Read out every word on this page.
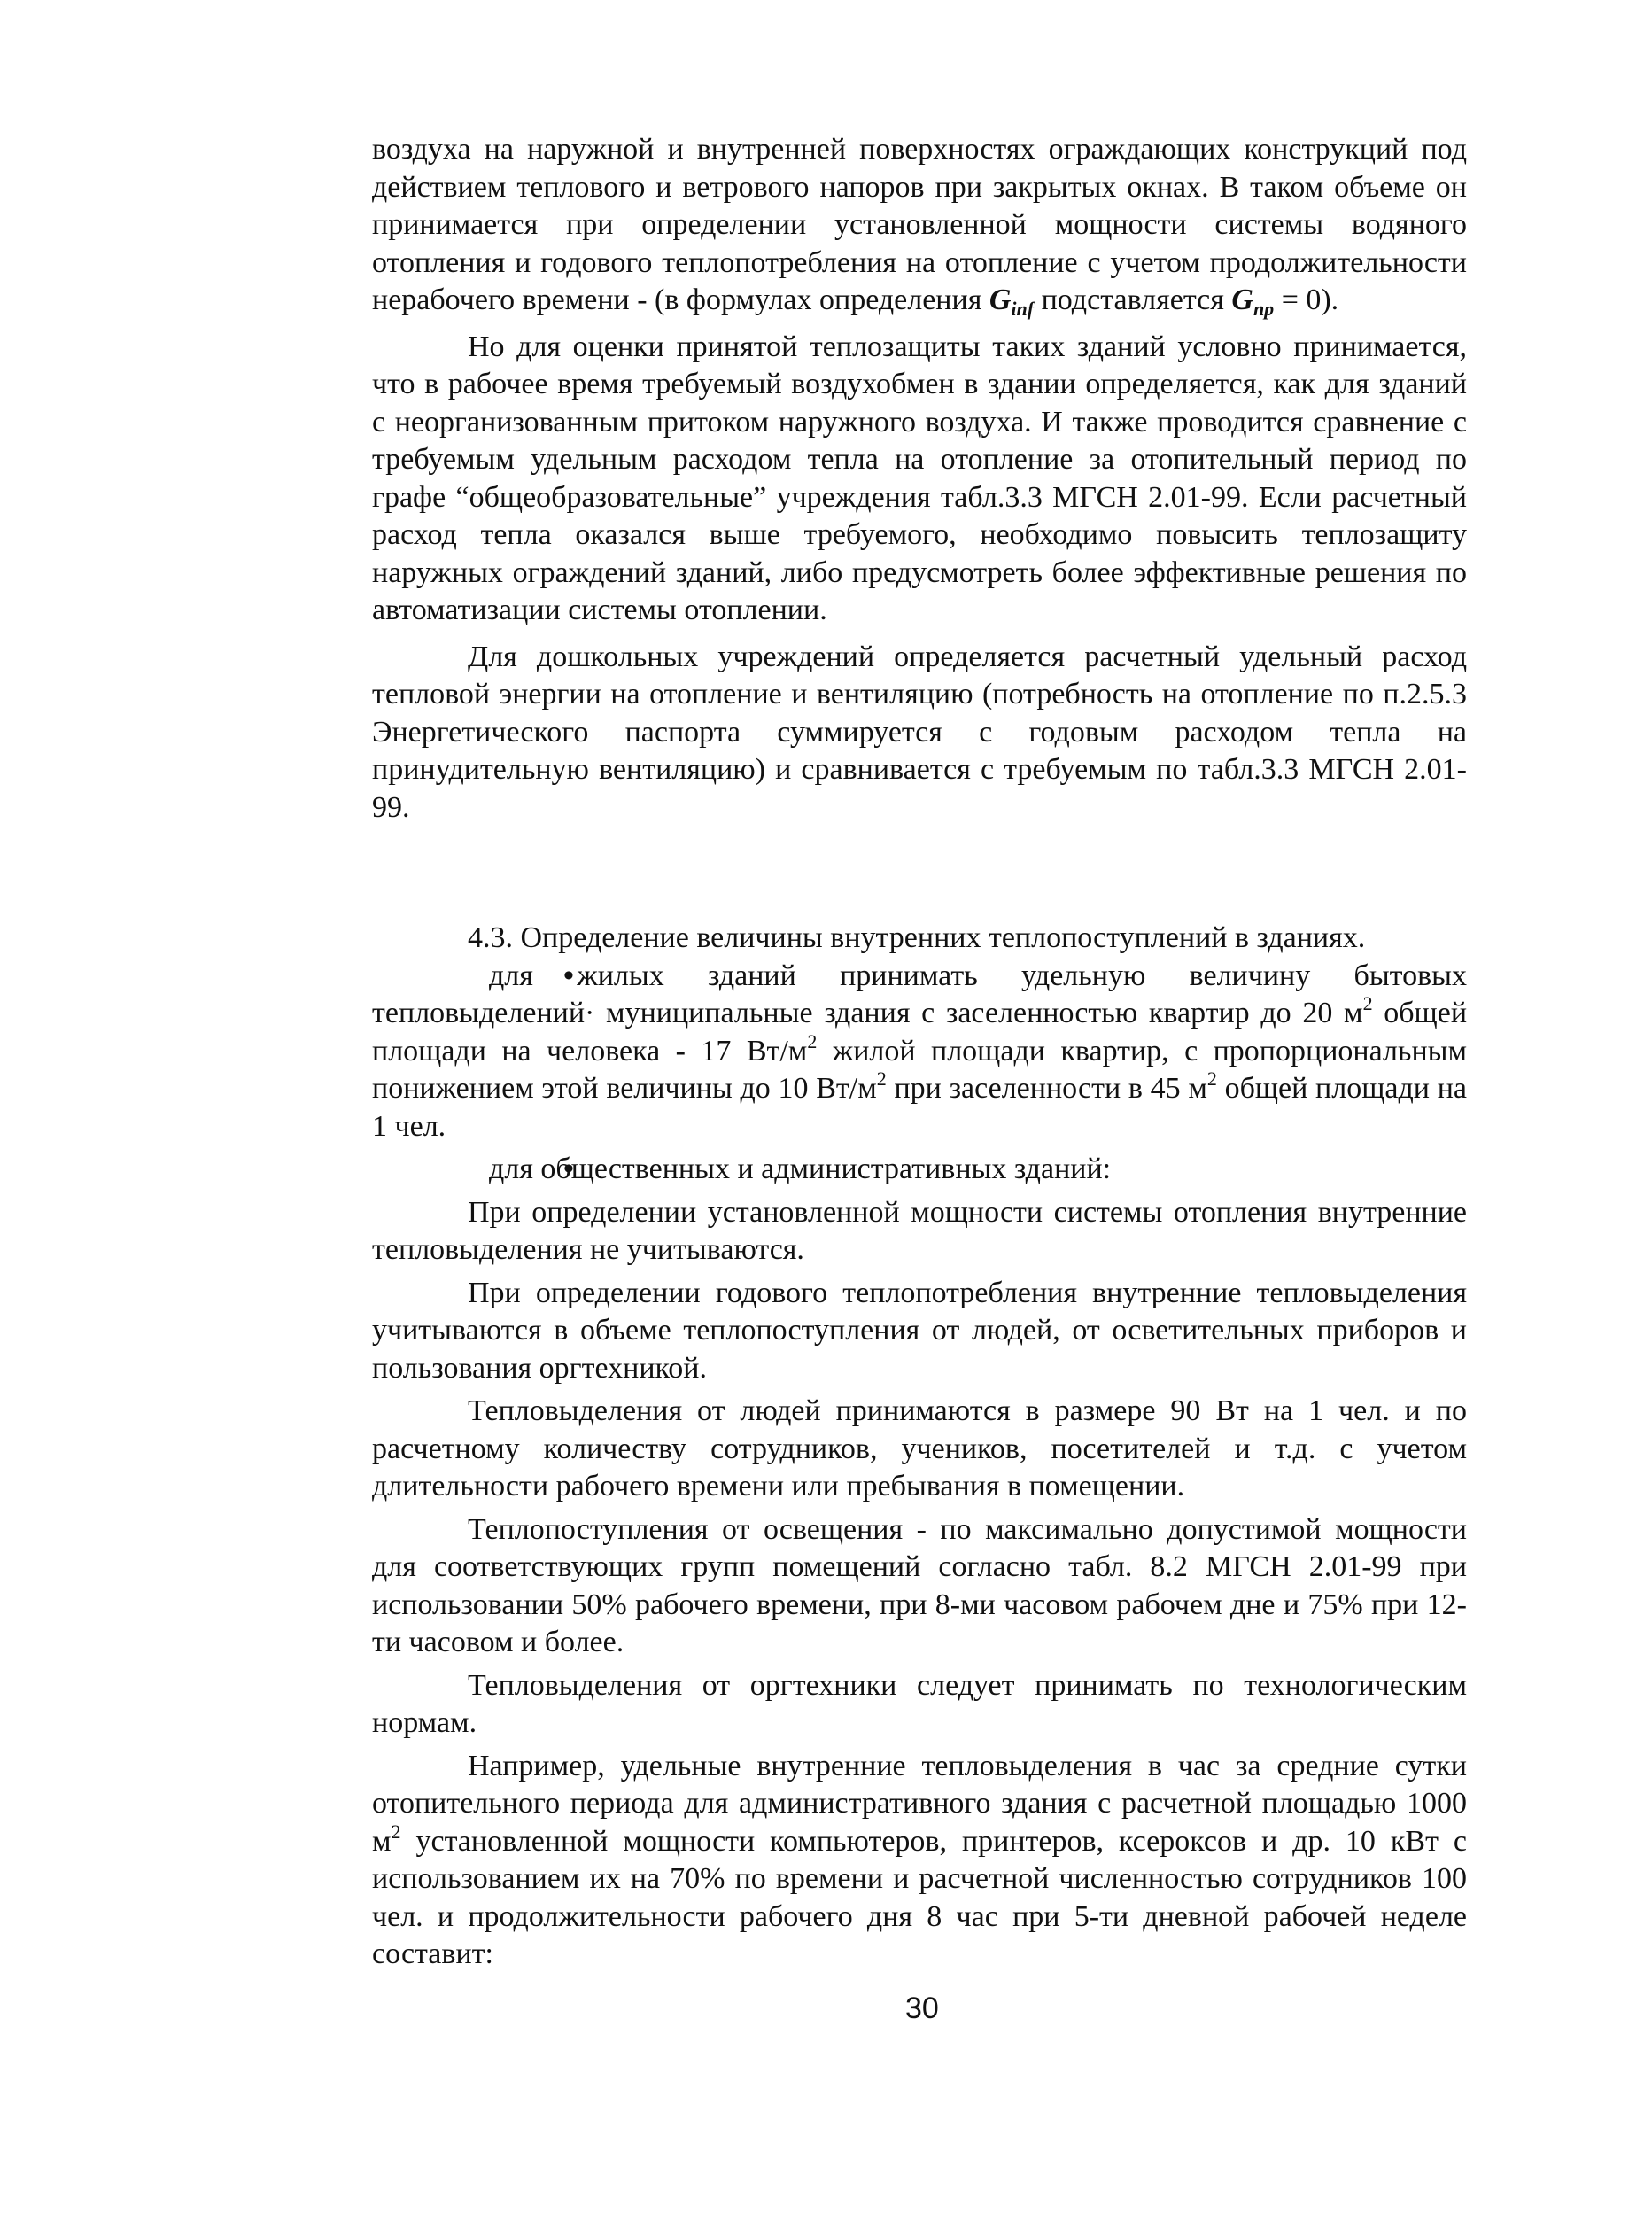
воздуха на наружной и внутренней поверхностях ограждающих конструкций под действием теплового и ветрового напоров при закрытых окнах. В таком объеме он принимается при определении установленной мощности системы водяного отопления и годового теплопотребления на отопление с учетом продолжительности нерабочего времени - (в формулах определения $G_{inf}$ подставляется $G_{пр} = 0$).

Но для оценки принятой теплозащиты таких зданий условно принимается, что в рабочее время требуемый воздухобмен в здании определяется, как для зданий с неорганизованным притоком наружного воздуха. И также проводится сравнение с требуемым удельным расходом тепла на отопление за отопительный период по графе “общеобразовательные” учреждения табл.3.3 МГСН 2.01-99. Если расчетный расход тепла оказался выше требуемого, необходимо повысить теплозащиту наружных ограждений зданий, либо предусмотреть более эффективные решения по автоматизации системы отоплении.

Для дошкольных учреждений определяется расчетный удельный расход тепловой энергии на отопление и вентиляцию (потребность на отопление по п.2.5.3 Энергетического паспорта суммируется с годовым расходом тепла на принудительную вентиляцию) и сравнивается с требуемым по табл.3.3 МГСН 2.01-99.

4.3. Определение величины внутренних теплопоступлений в зданиях.

• для жилых зданий принимать удельную величину бытовых тепловыделений· муниципальные здания с заселенностью квартир до 20 $м^2$ общей площади на человека - 17 $Вт/м^2$ жилой площади квартир, с пропорциональным понижением этой величины до 10 $Вт/м^2$ при заселенности в 45 $м^2$ общей площади на 1 чел.

• для общественных и административных зданий:

При определении установленной мощности системы отопления внутренние тепловыделения не учитываются.

При определении годового теплопотребления внутренние тепловыделения учитываются в объеме теплопоступления от людей, от осветительных приборов и пользования оргтехникой.

Тепловыделения от людей принимаются в размере 90 Вт на 1 чел. и по расчетному количеству сотрудников, учеников, посетителей и т.д. с учетом длительности рабочего времени или пребывания в помещении.

Теплопоступления от освещения - по максимально допустимой мощности для соответствующих групп помещений согласно табл. 8.2 МГСН 2.01-99 при использовании 50% рабочего времени, при 8-ми часовом рабочем дне и 75% при 12-ти часовом и более.

Тепловыделения от оргтехники следует принимать по технологическим нормам.

Например, удельные внутренние тепловыделения в час за средние сутки отопительного периода для административного здания с расчетной площадью 1000 $м^2$ установленной мощности компьютеров, принтеров, ксероксов и др. 10 кВт с использованием их на 70% по времени и расчетной численностью сотрудников 100 чел. и продолжительности рабочего дня 8 час при 5-ти дневной рабочей неделе составит:

30
